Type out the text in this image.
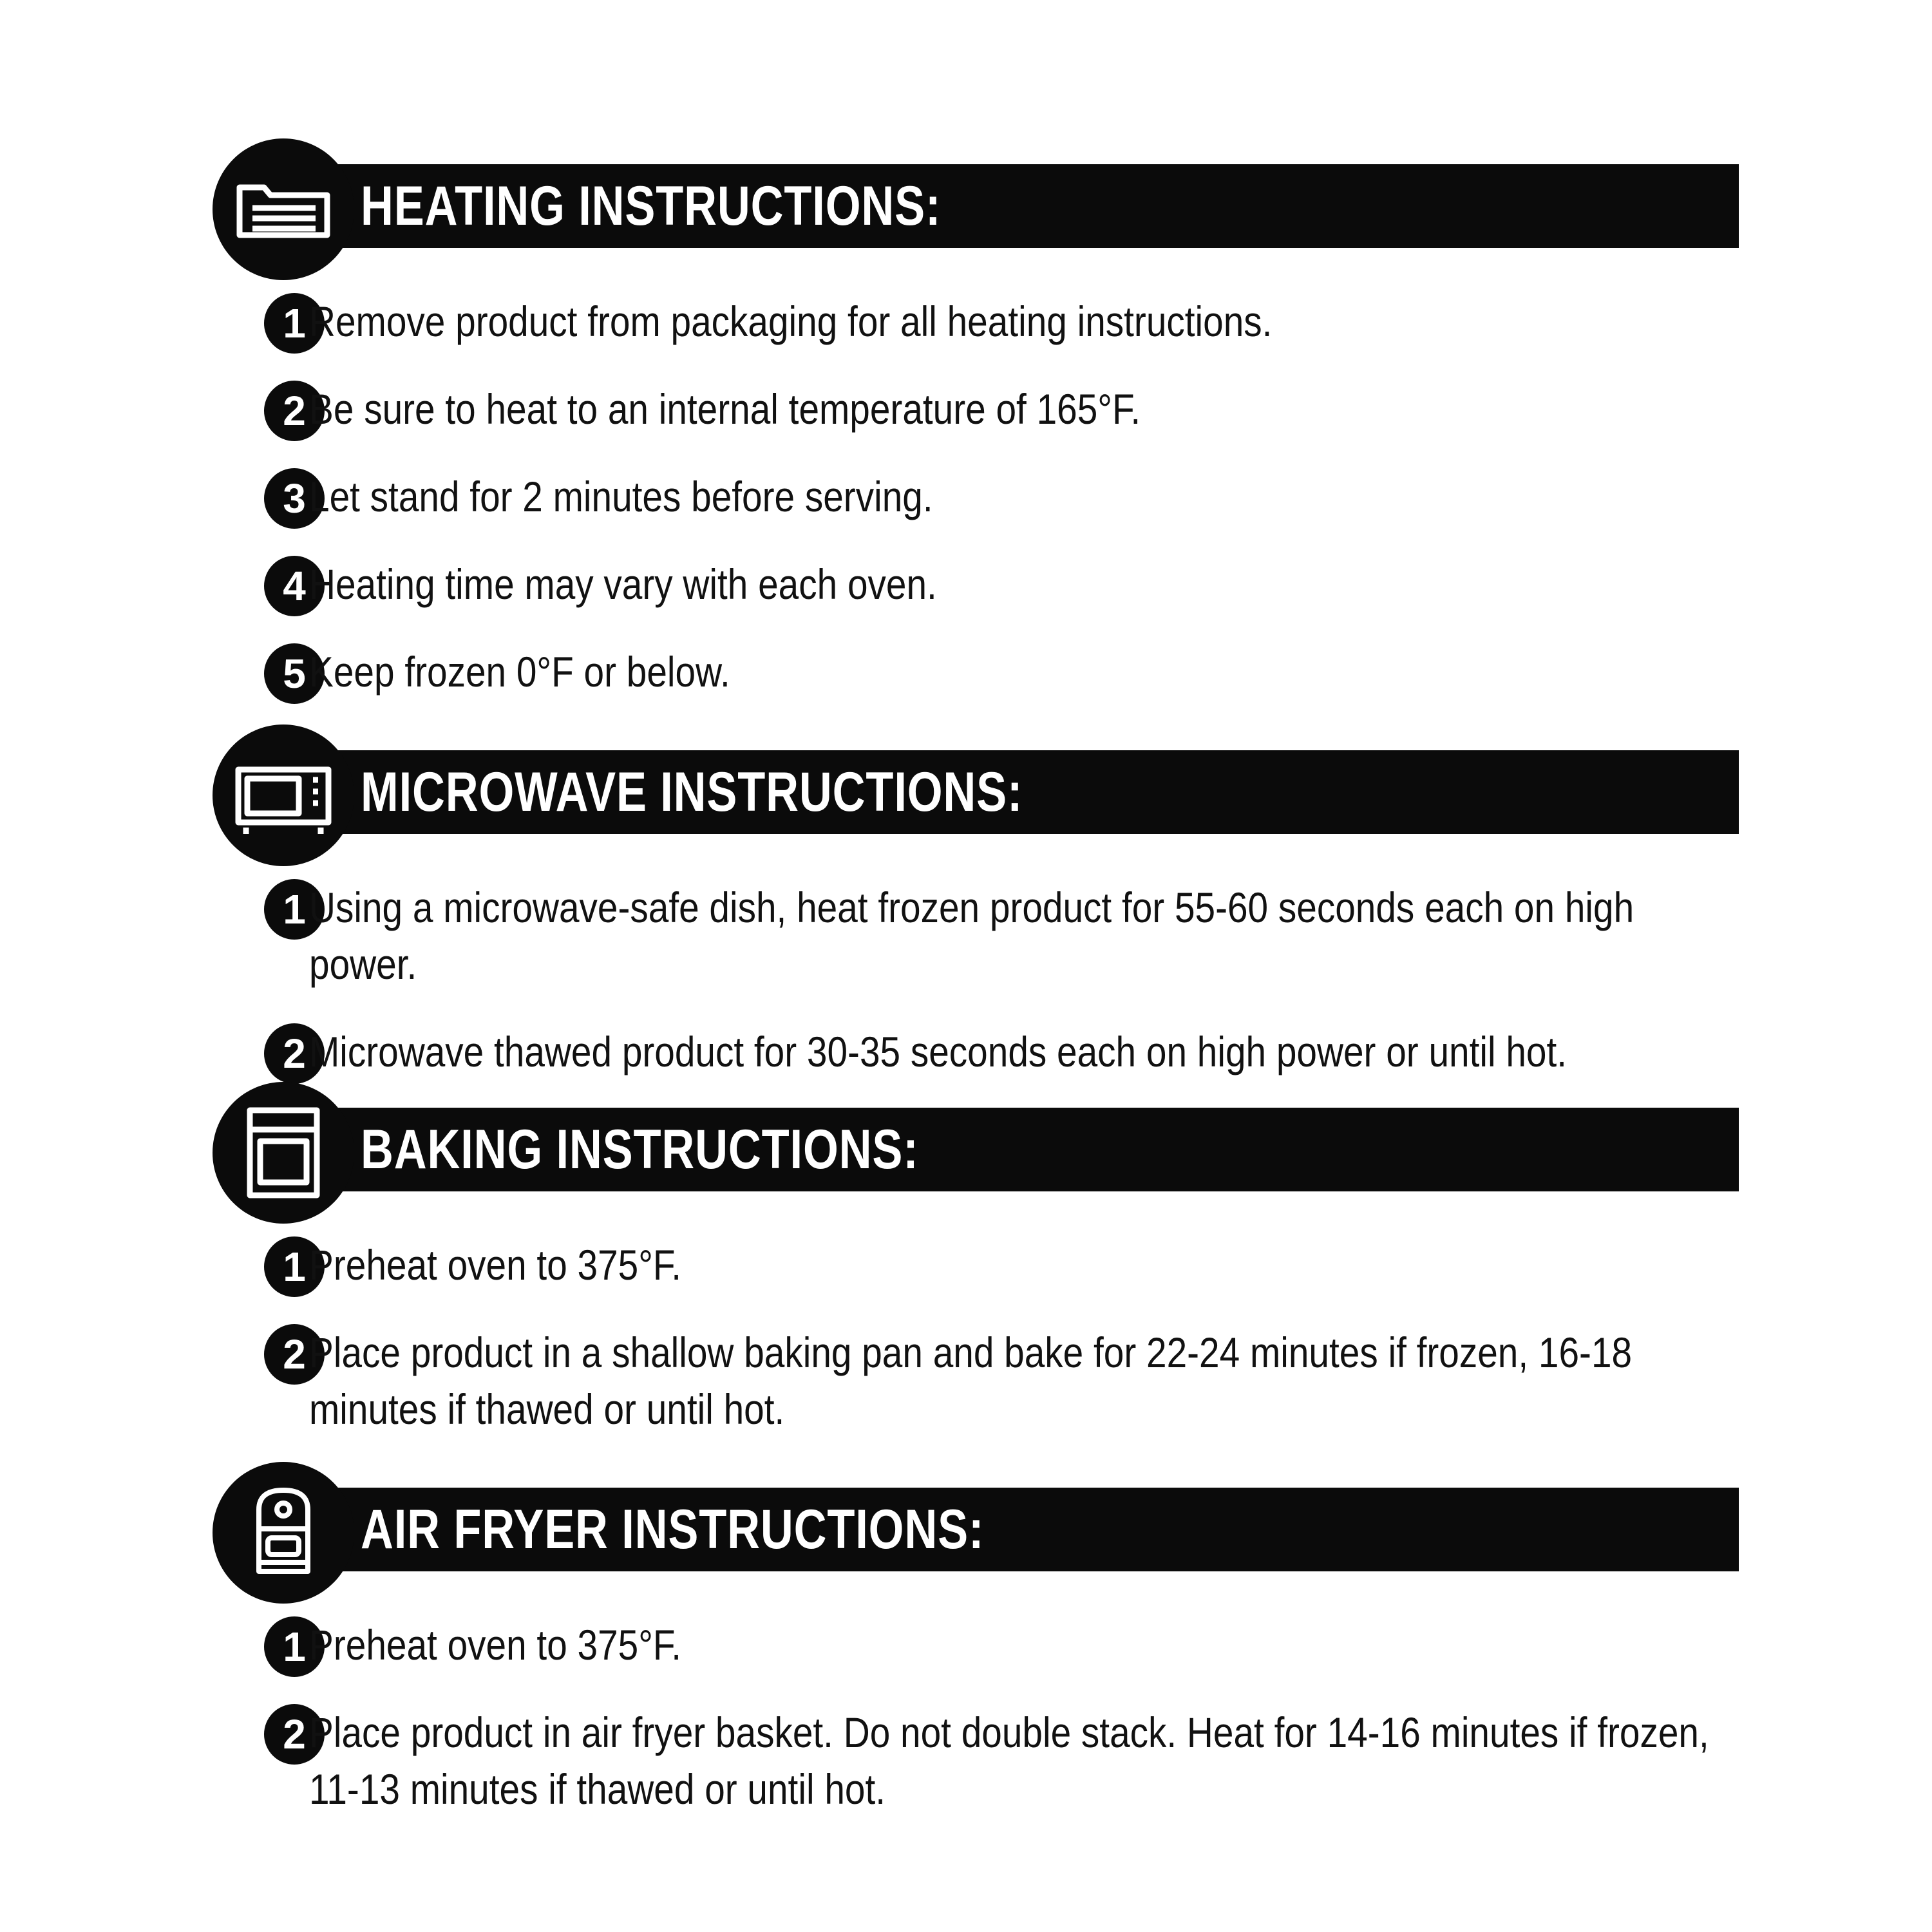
HEATING INSTRUCTIONS:
1 Remove product from packaging for all heating instructions.
2 Be sure to heat to an internal temperature of 165°F.
3 Let stand for 2 minutes before serving.
4 Heating time may vary with each oven.
5 Keep frozen 0°F or below.
MICROWAVE INSTRUCTIONS:
1 Using a microwave-safe dish, heat frozen product for 55-60 seconds each on high power.
2 Microwave thawed product for 30-35 seconds each on high power or until hot.
BAKING INSTRUCTIONS:
1 Preheat oven to 375°F.
2 Place product in a shallow baking pan and bake for 22-24 minutes if frozen, 16-18 minutes if thawed or until hot.
AIR FRYER INSTRUCTIONS:
1 Preheat oven to 375°F.
2 Place product in air fryer basket. Do not double stack. Heat for 14-16 minutes if frozen, 11-13 minutes if thawed or until hot.
